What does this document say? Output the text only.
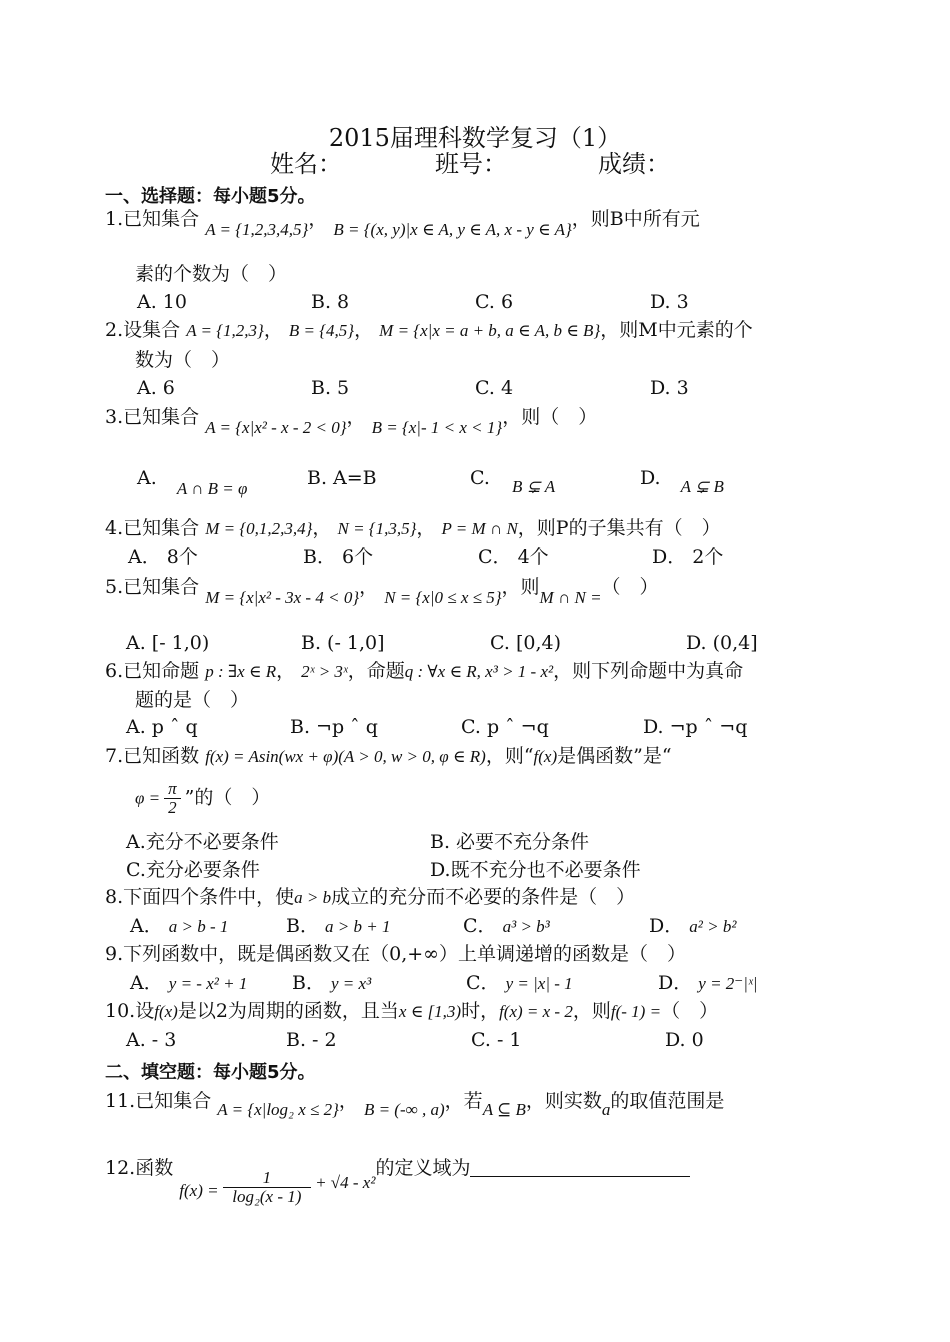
2015届理科数学复习（1）
姓名：	班号：	成绩：
一、选择题：每小题5分。
1.已知集合 A = {1,2,3,4,5}， B = {(x, y)|x ∈ A, y ∈ A, x - y ∈ A}，则B中所有元
素的个数为（　）
A. 10	B. 8	C. 6	D. 3
2.设集合 A = {1,2,3}， B = {4,5}， M = {x|x = a + b, a ∈ A, b ∈ B}，则M中元素的个
数为（　）
A. 6	B. 5	C. 4	D. 3
3.已知集合 A = {x|x² - x - 2 < 0}， B = {x|- 1 < x < 1}，则（　）
A. A ∩ B = φ	B. A=B	C. B ⊊ A	D. A ⊊ B
4.已知集合 M = {0,1,2,3,4}， N = {1,3,5}， P = M ∩ N，则P的子集共有（　）
A． 8个	B． 6个	C． 4个	D． 2个
5.已知集合 M = {x|x² - 3x - 4 < 0}， N = {x|0 ≤ x ≤ 5}，则M ∩ N =（　）
A. [- 1,0)	B. (- 1,0]	C. [0,4)	D. (0,4]
6.已知命题 p : ∃x ∈ R， 2ˣ > 3ˣ，命题q : ∀x ∈ R, x³ > 1 - x²，则下列命题中为真命
题的是（　）
A. p ˆ q	B. ¬p ˆ q	C. p ˆ ¬q	D. ¬p ˆ ¬q
7.已知函数 f(x) = Asin(wx + φ)(A > 0, w > 0, φ ∈ R)，则“f(x)是偶函数”是“
$\varphi = \frac{\pi}{2}$ ”的（　）
A.充分不必要条件	B. 必要不充分条件
C.充分必要条件	D.既不充分也不必要条件
8.下面四个条件中，使a > b成立的充分而不必要的条件是（　）
A． a > b - 1	B． a > b + 1	C． a³ > b³	D． a² > b²
9.下列函数中，既是偶函数又在（0,+∞）上单调递增的函数是（　）
A． y = - x² + 1 B． y = x³	C． y = |x| - 1	D． y = 2⁻|ˣ|
10.设f(x)是以2为周期的函数，且当x ∈ [1,3)时，f(x) = x - 2，则f(- 1) =（　）
A. - 3	B. - 2	C. - 1	D. 0
二、填空题：每小题5分。
11.已知集合 A = {x|log₂ x ≤ 2}， B = (-∞ , a)，若A ⊆ B，则实数a的取值范围是
12.函数 $f(x) = \frac{1}{\text{log₂(x - 1)}} + √4 - x^2$的定义域为
